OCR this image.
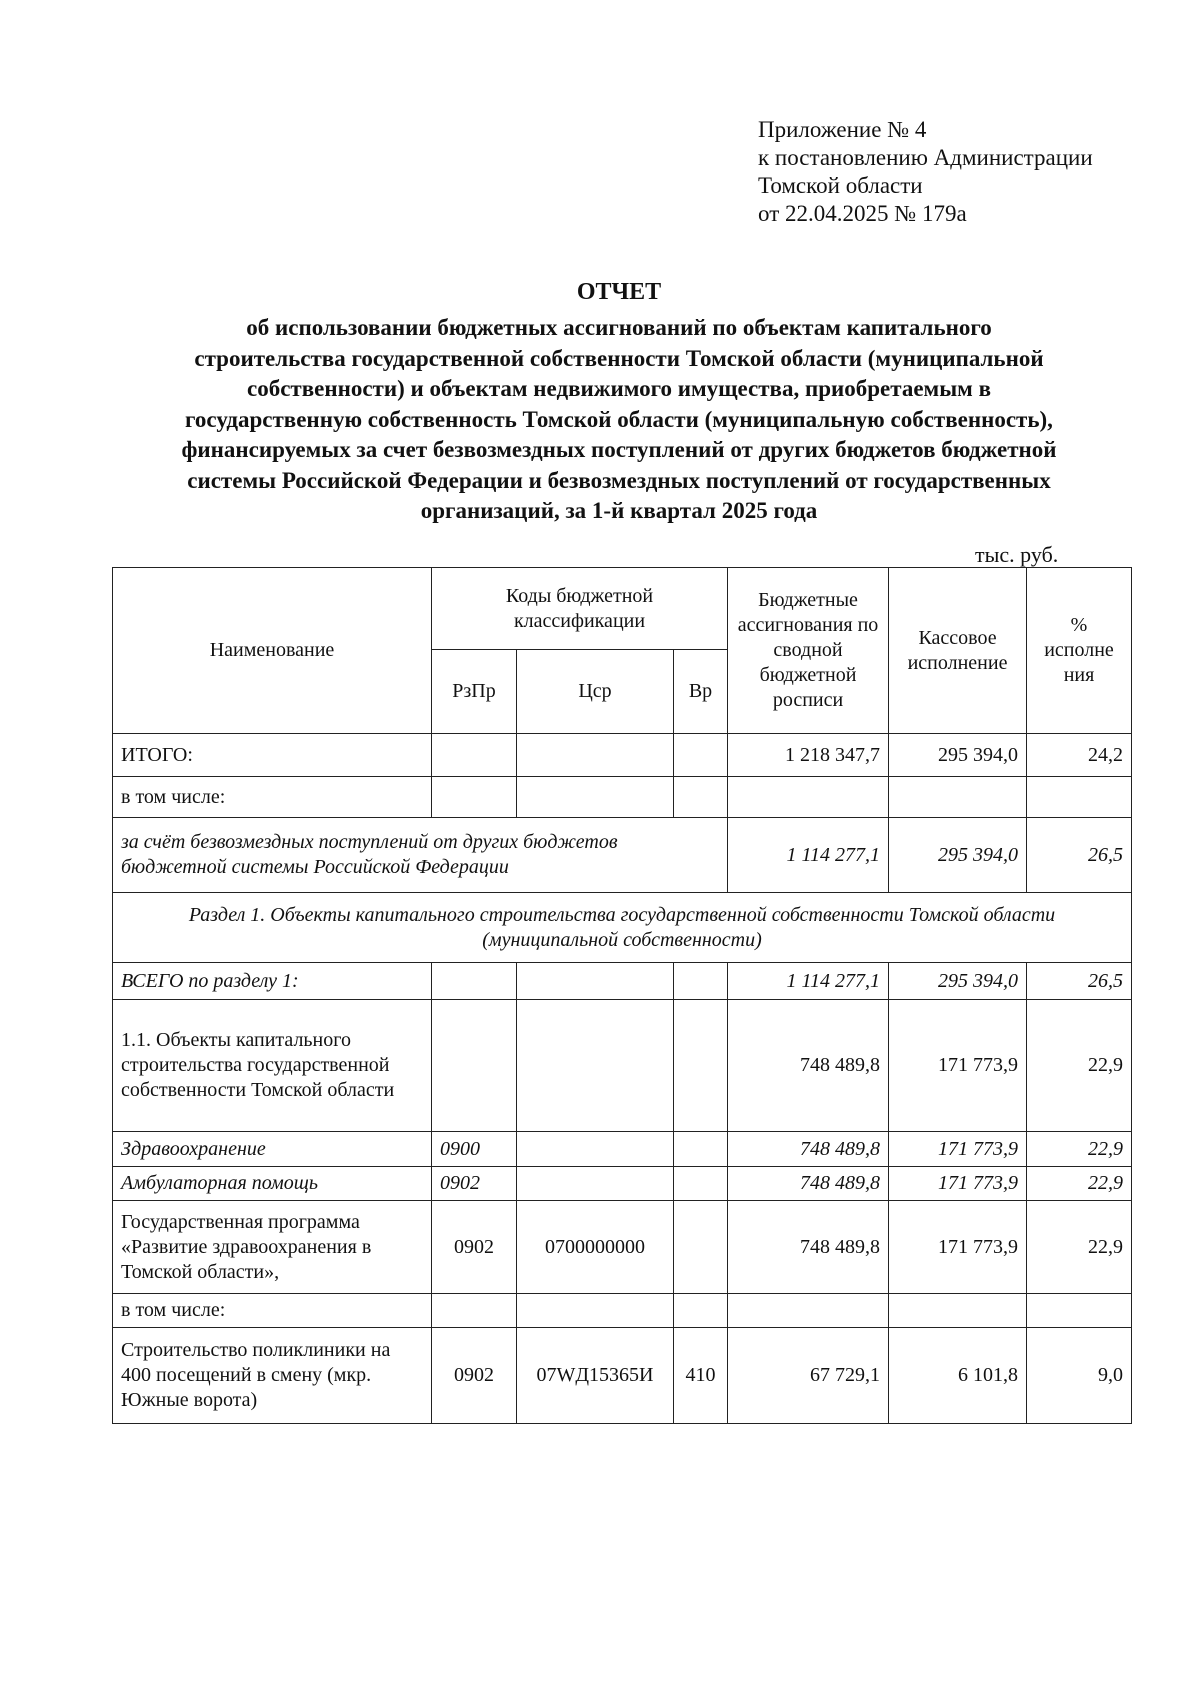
Приложение № 4
к постановлению Администрации
Томской области
от 22.04.2025 № 179а
ОТЧЕТ
об использовании бюджетных ассигнований по объектам капитального
строительства государственной собственности Томской области (муниципальной
собственности) и объектам недвижимого имущества, приобретаемым в
государственную собственность Томской области (муниципальную собственность),
финансируемых за счет безвозмездных поступлений от других бюджетов бюджетной
системы Российской Федерации и безвозмездных поступлений от государственных
организаций, за 1-й квартал 2025 года
тыс. руб.
Наименование	Коды бюджетной классификации			Бюджетные ассигнования по сводной бюджетной росписи	Кассовое исполнение	% исполне ния
	РзПр	Цср	Вр			
ИТОГО:				1 218 347,7	295 394,0	24,2
в том числе:						
за счёт безвозмездных поступлений от других бюджетов бюджетной системы Российской Федерации				1 114 277,1	295 394,0	26,5
Раздел 1. Объекты капитального строительства государственной собственности Томской области (муниципальной собственности)						
ВСЕГО по разделу 1:				1 114 277,1	295 394,0	26,5
1.1. Объекты капитального строительства государственной собственности Томской области				748 489,8	171 773,9	22,9
Здравоохранение	0900			748 489,8	171 773,9	22,9
Амбулаторная помощь	0902			748 489,8	171 773,9	22,9
Государственная программа «Развитие здравоохранения в Томской области»,	0902	0700000000		748 489,8	171 773,9	22,9
в том числе:						
Строительство поликлиники на 400 посещений в смену (мкр. Южные ворота)	0902	07WД15365И	410	67 729,1	6 101,8	9,0
